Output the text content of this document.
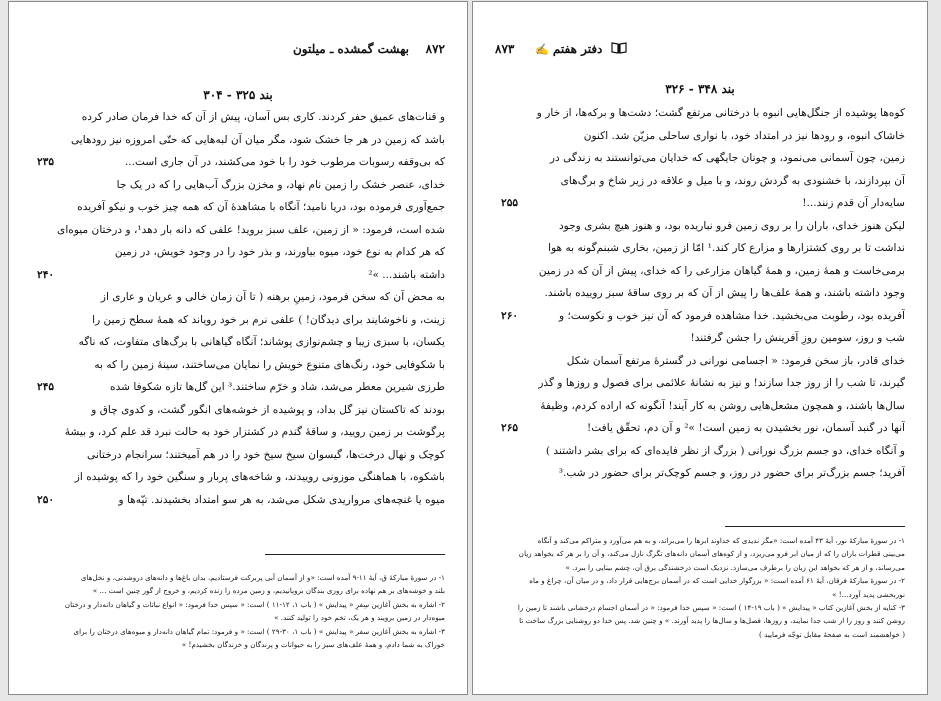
۸۷۲
بهشت گمشده ـ میلتون
بند ۳۲۵ - ۳۰۴
و قنات‌های عمیق حفر کردند. کاری بس آسان، پیش از آن که خدا فرمان صادر کرده
باشد که زمین در هر جا خشک شود، مگر میان آن لبه‌هایی که حتّی امروزه نیز رودهایی
که بی‌وقفه رسوبات مرطوب خود را با خود می‌کشند، در آن جاری است...
۲۳۵
خدای، عنصر خشک را زمین نام نهاد، و مخزن بزرگ آب‌هایی را که در یک جا
جمع‌آوری فرموده بود، دریا نامید؛ آنگاه با مشاهدهٔ آن که همه چیز خوب و نیکو آفریده
شده است، فرمود: « از زمین، علف سبز بروید! علفی که دانه بار دهد¹، و درختان میوه‌ای
که هر کدام به نوع خود، میوه بیاورند، و بذر خود را در وجود خویش، در زمین
داشته باشند... »²
۲۴۰
به محض آن که سخن فرمود، زمینِ برهنه ( تا آن زمان خالی و عریان و عاری از
زینت، و ناخوشایند برای دیدگان! ) علفی نرم بر خود رویاند که همهٔ سطح زمین را
یکسان، با سبزی زیبا و چشم‌نوازی پوشاند؛ آنگاه گیاهانی با برگ‌های متفاوت، که ناگه
با شکوفایی خود، رنگ‌های متنوع خویش را نمایان می‌ساختند، سینهٔ زمین را که به
طرزی شیرین معطر می‌شد، شاد و خرّم ساختند.³ این گل‌ها تازه شکوفا شده
۲۴۵
بودند که تاکستان نیز گل بداد، و پوشیده از خوشه‌های انگور گشت، و کدوی چاق و
پرگوشت بر زمین رویید، و ساقهٔ گندم در کشتزار خود به حالت نبرد قد علم کرد، و بیشهٔ
کوچک و نهال درخت‌ها، گیسوان سیخ سیخ خود را در هم آمیختند؛ سرانجام درختانی
باشکوه، با هماهنگی موزونی روییدند، و شاخه‌های پربار و سنگین خود را که پوشیده از
میوه یا غنچه‌های مرواریدی شکل می‌شد، به هر سو امتداد بخشیدند. تپّه‌ها و
۲۵۰
۱- در سورهٔ مبارکهٔ ق، آیهٔ ۱۱-۹ آمده است: «و از آسمان آبی پربرکت فرستادیم، بدان باغ‌ها و دانه‌های دروشدنی، و نخل‌های
بلند و خوشه‌های بر هم نهاده برای روزی بندگان برویانیدیم، و زمین مرده را زنده کردیم، و خروج از گور چنین است ... »
۲- اشاره به بخش آغازین سِفرِ « پیدایش » ( باب ۱، ۱۲-۱۱ ) است: « سپس خدا فرمود: « انواع نباتات و گیاهان دانه‌دار و درختان
میوه‌دار در زمین برویند و هر یک، تخم خود را تولید کنند. »
۳- اشاره به بخش آغازین سفر « پیدایش » ( باب ۱، ۳۰-۲۹ ) است: « و فرمود: تمام گیاهان دانه‌دار و میوه‌های درختان را برای
خوراک به شما دادم، و همهٔ علف‌های سبز را به حیوانات و پرندگان و خزندگان بخشیدم! »
۸۷۳	دفتر هفتم ✍
بند ۳۴۸ - ۳۲۶
کوه‌ها پوشیده از جنگل‌هایی انبوه با درختانی مرتفع گشت؛ دشت‌ها و برکه‌ها، از خار و
خاشاک انبوه، و رودها نیز در امتداد خود، با نواری ساحلی مزیّن شد. اکنون
زمین، چون آسمانی می‌نمود، و چونان جایگهی که خدایان می‌توانستند به زندگی در
آن بپردازند، با خشنودی به گردش روند، و با میل و علاقه در زیر شاخ و برگ‌های
سایه‌دار آن قدم زنند...!
۲۵۵
لیکن هنوز خدای، باران را بر روی زمین فرو نباریده بود، و هنوز هیچ بشری وجود
نداشت تا بر روی کشتزارها و مزارع کار کند.¹ امّا از زمین، بخاری شبنم‌گونه به هوا
برمی‌خاست و همهٔ زمین، و همهٔ گیاهان مزارعی را که خدای، پیش از آن که در زمین
وجود داشته باشند، و همهٔ علف‌ها را پیش از آن که بر روی ساقهٔ سبز روییده باشند.
آفریده بود، رطوبت می‌بخشید. خدا مشاهده فرمود که آن نیز خوب و نکوست؛ و
۲۶۰
شب و روز، سومین روزِ آفرینش را جشن گرفتند!
خدای قادر، باز سخن فرمود: « اجسامی نورانی در گسترهٔ مرتفع آسمان شکل
گیرند، تا شب را از روز جدا سازند! و نیز به نشانهٔ علائمی برای فصول و روزها و گذر
سال‌ها باشند، و همچون مشعل‌هایی روشن به کار آیند! آنگونه که اراده کردم، وظیفهٔ
آنها در گنبد آسمان، نور بخشیدن به زمین است! »² و آن دم، تحقّق یافت!
۲۶۵
و آنگاه خدای، دو جسم بزرگ نورانی ( بزرگ از نظر فایده‌ای که برای بشر داشتند )
آفرید؛ جسم بزرگ‌تر برای حضور در روز، و جسم کوچک‌تر برای حضور در شب.³
۱- در سورهٔ مبارکهٔ نور، آیهٔ ۴۳ آمده است: «مگر ندیدی که خداوند ابرها را می‌براند، و به هم می‌آورد و متراکم می‌کند و آنگاه
می‌بینی قطرات باران را که از میان ابر فرو می‌ریزد، و از کوه‌های آسمان دانه‌های تگرگ نازل می‌کند، و آن را بر هر که بخواهد زیان
می‌رساند، و از هر که بخواهد این زیان را برطرف می‌سازد. نزدیک است درخشندگی برق آن، چشم بینایی را ببرد. »
۲- در سورهٔ مبارکهٔ فرقان، آیهٔ ۶۱ آمده است: « بزرگوار خدایی است که در آسمان برج‌هایی قرار داد، و در میان آن، چراغ و ماه
نوربخشی پدید آورد...! »
۳- کنایه از بخش آغازین کتاب « پیدایش » ( باب ۱۹-۱۴ ) است: « سپس خدا فرمود: « در آسمان اجسام درخشانی باشند تا زمین را
روشن کنند و روز را از شب جدا نمایند، و روزها، فصل‌ها و سال‌ها را پدید آورند. » و چنین شد. پس خدا دو روشنایی بزرگ ساخت تا
( خواهشمند است به صفحهٔ مقابل توجّه فرمایید )
